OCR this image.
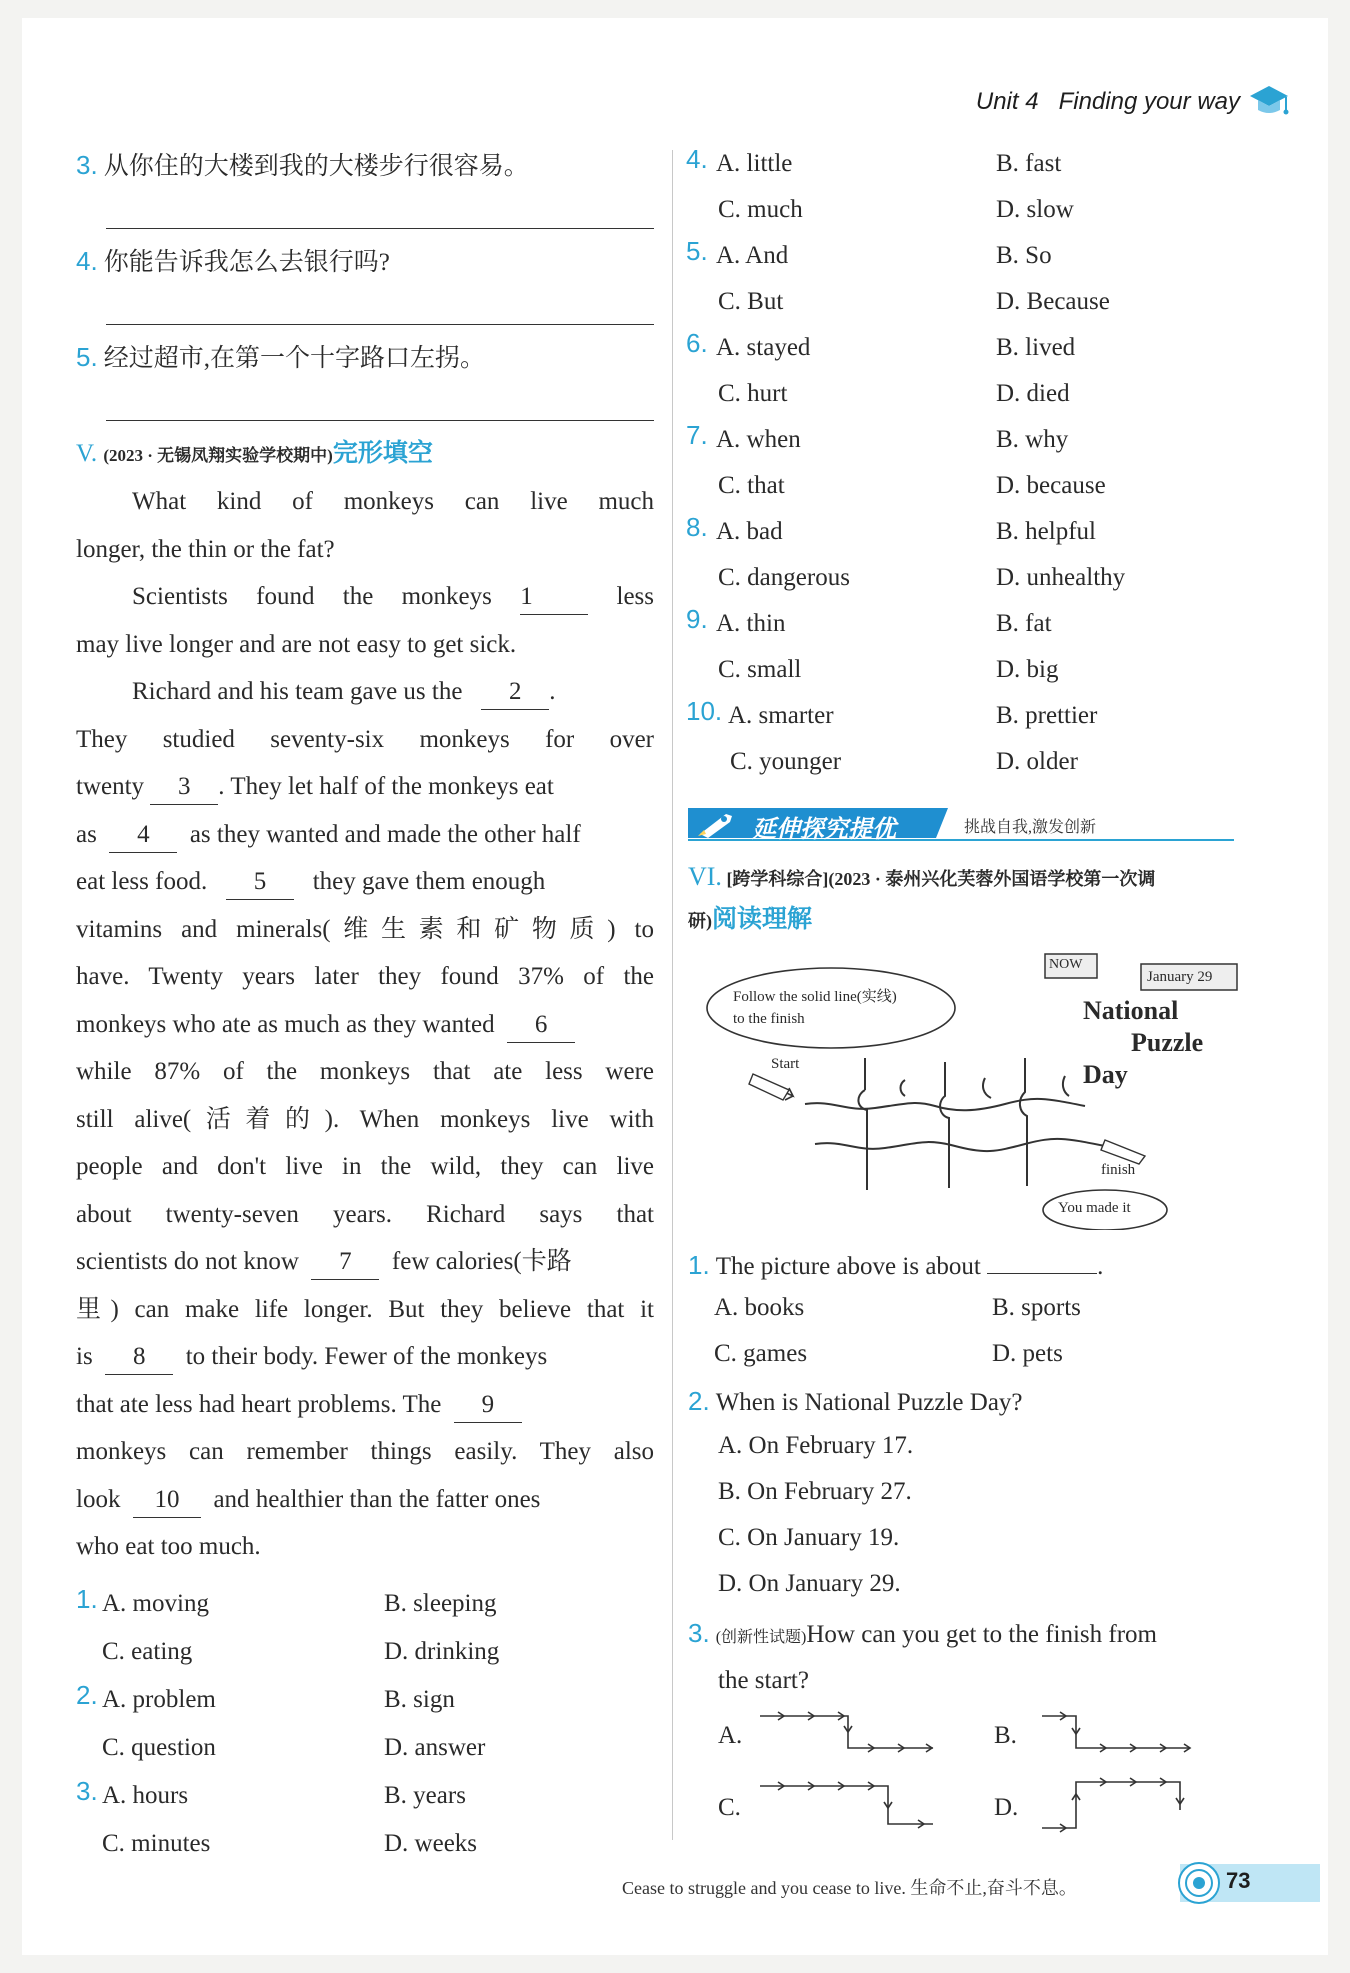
Unit 4 Finding your way
3. 从你住的大楼到我的大楼步行很容易。
4. 你能告诉我怎么去银行吗?
5. 经过超市,在第一个十字路口左拐。
V. (2023 · 无锡凤翔实验学校期中)完形填空
What kind of monkeys can live much
longer, the thin or the fat?
Scientists found the monkeys 1	less
may live longer and are not easy to get sick.
Richard and his team gave us the 2 .
They studied seventy-six monkeys for over
twenty 3 . They let half of the monkeys eat
as 4 as they wanted and made the other half
eat less food. 5 they gave them enough
vitamins and minerals(维生素和矿物质) to
have. Twenty years later they found 37% of the
monkeys who ate as much as they wanted 6
while 87% of the monkeys that ate less were
still alive(活着的). When monkeys live with
people and don't live in the wild, they can live
about twenty-seven years. Richard says that
scientists do not know 7 few calories(卡路
里) can make life longer. But they believe that it
is 8 to their body. Fewer of the monkeys
that ate less had heart problems. The 9
monkeys can remember things easily. They also
look 10 and healthier than the fatter ones
who eat too much.
1. A. moving	B. sleeping
C. eating	D. drinking
2. A. problem	B. sign
C. question	D. answer
3. A. hours	B. years
C. minutes	D. weeks
4. A. little	B. fast
C. much	D. slow
5. A. And	B. So
C. But	D. Because
6. A. stayed	B. lived
C. hurt	D. died
7. A. when	B. why
C. that	D. because
8. A. bad	B. helpful
C. dangerous	D. unhealthy
9. A. thin	B. fat
C. small	D. big
10. A. smarter	B. prettier
C. younger	D. older
延伸探究提优	挑战自我,激发创新
VI. [跨学科综合](2023 · 泰州兴化芙蓉外国语学校第一次调
研)阅读理解
Follow the solid line(实线)
to the finish
NOW
January 29
National
Puzzle
Day
Start
finish
You made it
1. The picture above is about	.
A. books	B. sports
C. games	D. pets
2. When is National Puzzle Day?
A. On February 17.
B. On February 27.
C. On January 19.
D. On January 29.
3. (创新性试题)How can you get to the finish from
the start?
A.	B.
C.	D.
Cease to struggle and you cease to live. 生命不止,奋斗不息。	73
